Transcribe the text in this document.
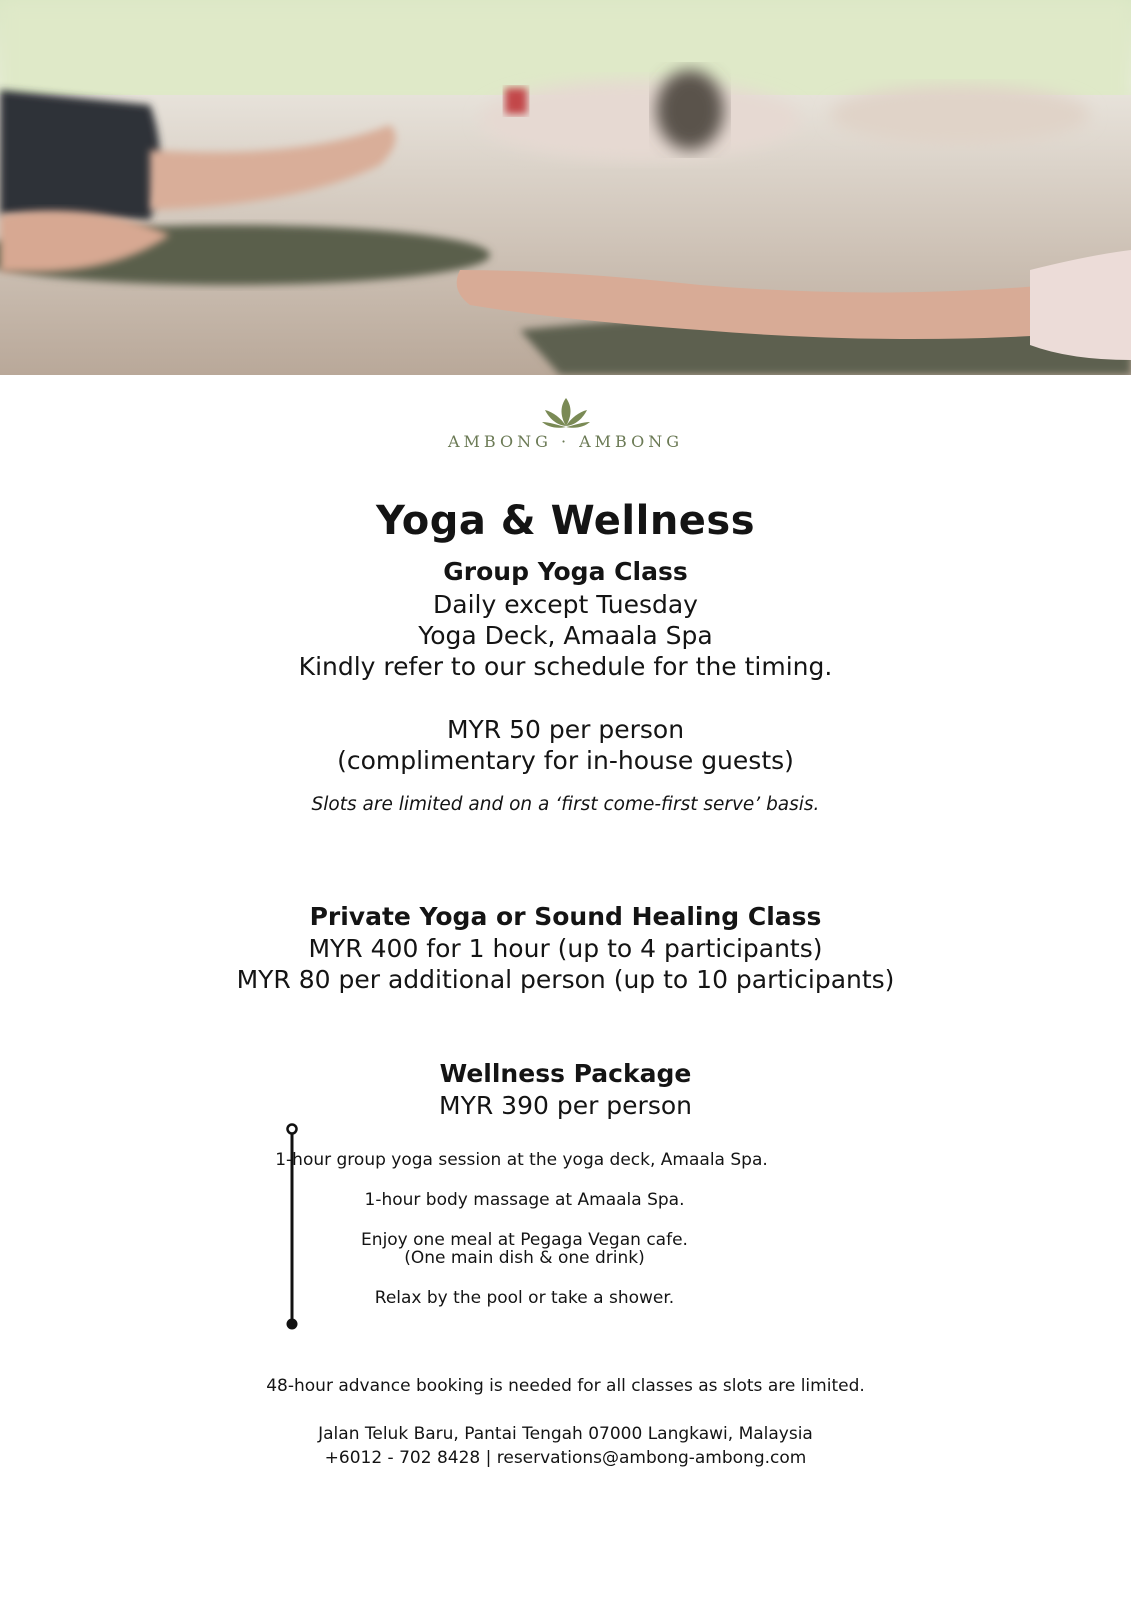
AMBONG · AMBONG
Yoga & Wellness
Group Yoga Class
Daily except Tuesday
Yoga Deck, Amaala Spa
Kindly refer to our schedule for the timing.
MYR 50 per person
(complimentary for in-house guests)
Slots are limited and on a ‘first come-first serve’ basis.
Private Yoga or Sound Healing Class
MYR 400 for 1 hour (up to 4 participants)
MYR 80 per additional person (up to 10 participants)
Wellness Package
MYR 390 per person
1-hour group yoga session at the yoga deck, Amaala Spa.
1-hour body massage at Amaala Spa.
Enjoy one meal at Pegaga Vegan cafe.
(One main dish & one drink)
Relax by the pool or take a shower.
48-hour advance booking is needed for all classes as slots are limited.
Jalan Teluk Baru, Pantai Tengah 07000 Langkawi, Malaysia
+6012 - 702 8428 | reservations@ambong-ambong.com
